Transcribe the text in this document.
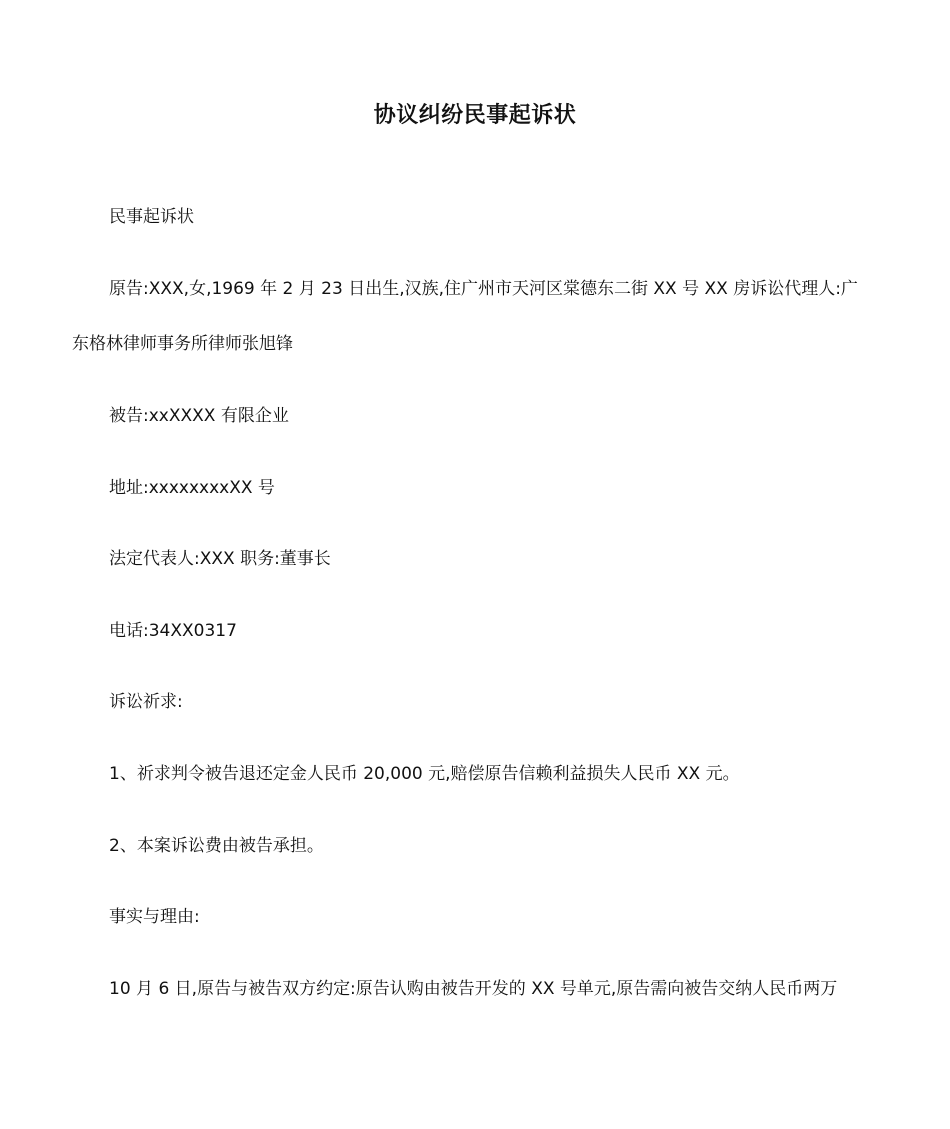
协议纠纷民事起诉状
民事起诉状
原告:XXX,女,1969 年 2 月 23 日出生,汉族,住广州市天河区棠德东二街 XX 号 XX 房诉讼代理人:广
东格林律师事务所律师张旭锋
被告:xxXXXX 有限企业
地址:xxxxxxxxXX 号
法定代表人:XXX 职务:董事长
电话:34XX0317
诉讼祈求:
1、祈求判令被告退还定金人民币 20,000 元,赔偿原告信赖利益损失人民币 XX 元。
2、本案诉讼费由被告承担。
事实与理由:
10 月 6 日,原告与被告双方约定:原告认购由被告开发的 XX 号单元,原告需向被告交纳人民币两万
